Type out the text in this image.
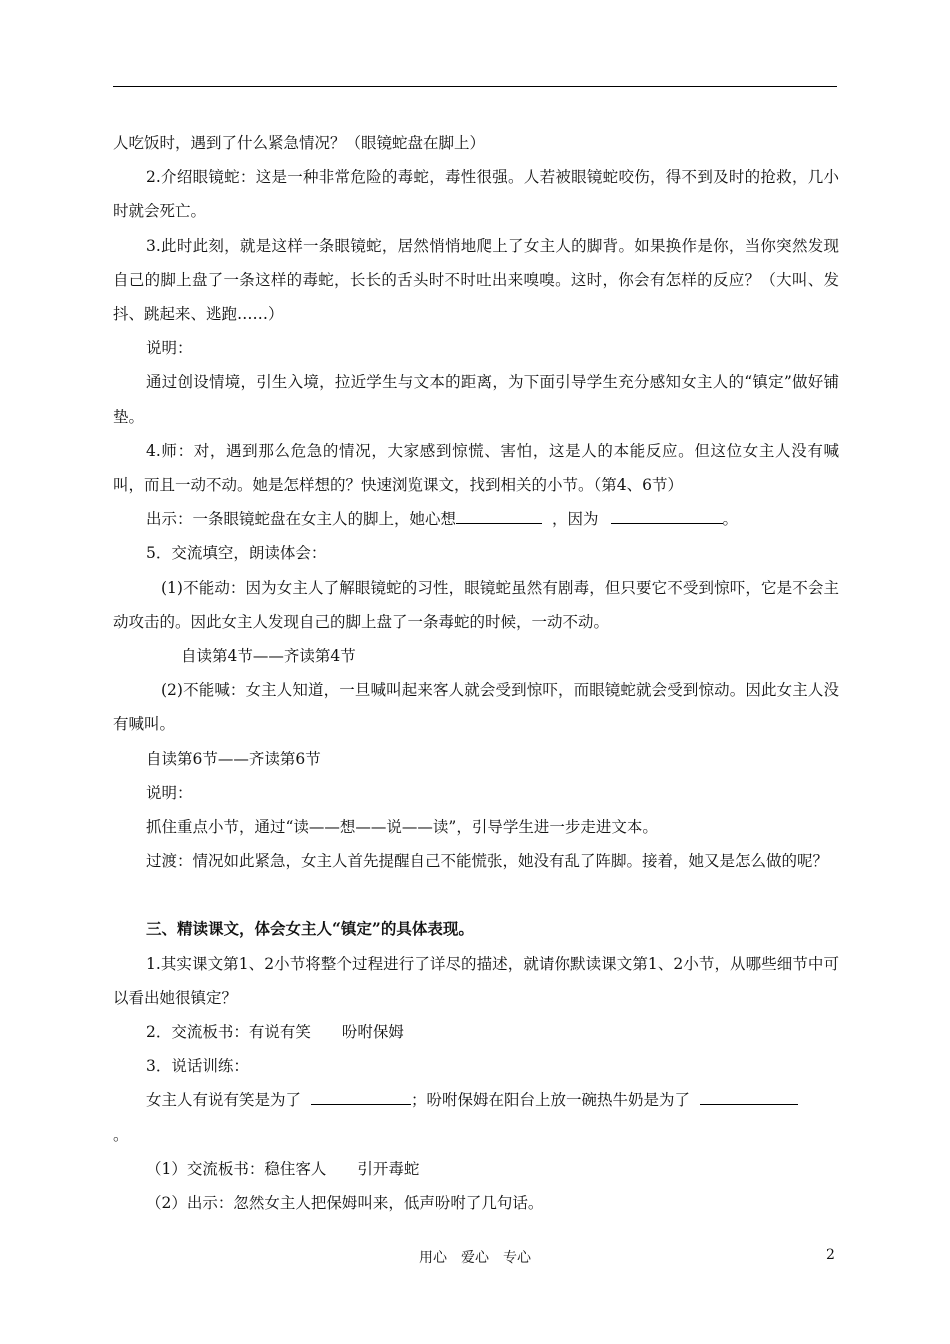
人吃饭时，遇到了什么紧急情况？（眼镜蛇盘在脚上）

2.介绍眼镜蛇：这是一种非常危险的毒蛇，毒性很强。人若被眼镜蛇咬伤，得不到及时的抢救，几小时就会死亡。

3.此时此刻，就是这样一条眼镜蛇，居然悄悄地爬上了女主人的脚背。如果换作是你，当你突然发现自己的脚上盘了一条这样的毒蛇，长长的舌头时不时吐出来嗅嗅。这时，你会有怎样的反应？（大叫、发抖、跳起来、逃跑……）

说明：

通过创设情境，引生入境，拉近学生与文本的距离，为下面引导学生充分感知女主人的“镇定”做好铺垫。

4.师：对，遇到那么危急的情况，大家感到惊慌、害怕，这是人的本能反应。但这位女主人没有喊叫，而且一动不动。她是怎样想的？快速浏览课文，找到相关的小节。（第4、6节）

出示：一条眼镜蛇盘在女主人的脚上，她心想	，因为	。

5．交流填空，朗读体会：

(1)不能动：因为女主人了解眼镜蛇的习性，眼镜蛇虽然有剧毒，但只要它不受到惊吓，它是不会主动攻击的。因此女主人发现自己的脚上盘了一条毒蛇的时候，一动不动。

自读第4节——齐读第4节

(2)不能喊：女主人知道，一旦喊叫起来客人就会受到惊吓，而眼镜蛇就会受到惊动。因此女主人没有喊叫。

自读第6节——齐读第6节

说明：

抓住重点小节，通过“读——想——说——读”，引导学生进一步走进文本。

过渡：情况如此紧急，女主人首先提醒自己不能慌张，她没有乱了阵脚。接着，她又是怎么做的呢？

三、精读课文，体会女主人“镇定”的具体表现。

1.其实课文第1、2小节将整个过程进行了详尽的描述，就请你默读课文第1、2小节，从哪些细节中可以看出她很镇定？

2．交流板书：有说有笑　　吩咐保姆

3．说话训练：

女主人有说有笑是为了	；吩咐保姆在阳台上放一碗热牛奶是为了
。

（1）交流板书：稳住客人　　引开毒蛇

（2）出示：忽然女主人把保姆叫来，低声吩咐了几句话。

用心　爱心　专心	2
